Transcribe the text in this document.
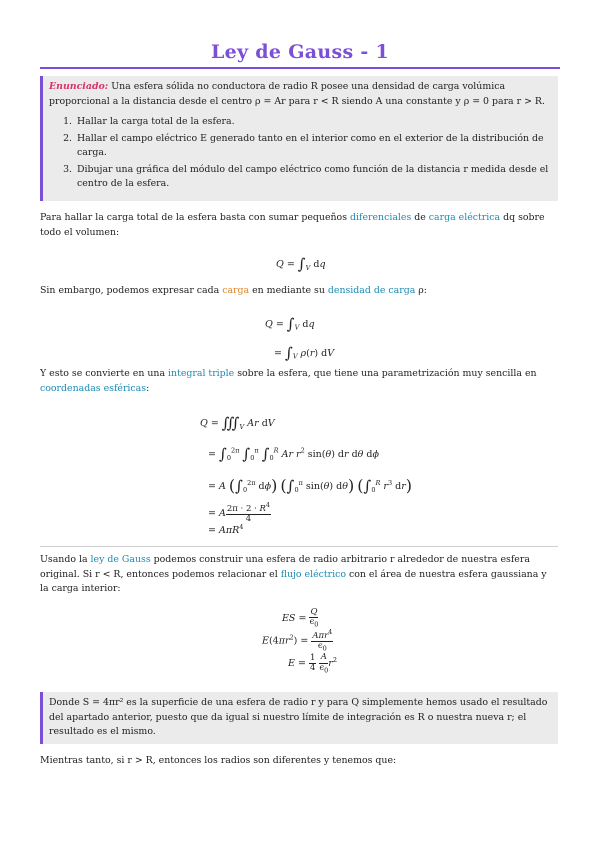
Ley de Gauss - 1
Enunciado: Una esfera sólida no conductora de radio R posee una densidad de carga volúmica proporcional a la distancia desde el centro ρ = Ar para r < R siendo A una constante y ρ = 0 para r > R.
1. Hallar la carga total de la esfera.
2. Hallar el campo eléctrico E generado tanto en el interior como en el exterior de la distribución de carga.
3. Dibujar una gráfica del módulo del campo eléctrico como función de la distancia r medida desde el centro de la esfera.
Para hallar la carga total de la esfera basta con sumar pequeños diferenciales de carga eléctrica dq sobre todo el volumen:
$Q = \int_V$ dq
Sin embargo, podemos expresar cada carga en mediante su densidad de carga ρ:
$Q = \int_V$ dq
= $\int_V$ ρ(r) dV
Y esto se convierte en una integral triple sobre la esfera, que tiene una parametrización muy sencilla en coordenadas esféricas:
$Q = ∭_V$ Ar dV
= $\int_0^{2\pi}$ $\int_0^\pi$ $\int_0^R$ Ar $r^2$ sin(θ) dr dθ dϕ
= A ($\int_0^{2\pi}$ dϕ) ($\int_0^\pi$ sin(θ) dθ) ($\int_0^R$ $r^3$ dr)
= A $\frac{2\pi \cdot 2 \cdot R^4}{4}$
= AπR$^4$
Usando la ley de Gauss podemos construir una esfera de radio arbitrario r alrededor de nuestra esfera original. Si r < R, entonces podemos relacionar el flujo eléctrico con el área de nuestra esfera gaussiana y la carga interior:
ES = $\frac{Q}{\epsilon_0}$
$E(4\pi r^2) = \frac{A\pi r^4}{\epsilon_0}$
$E = \frac{1}{4}$
$\frac{A}{\epsilon_0} r^2$
Donde S = 4πr² es la superficie de una esfera de radio r y para Q simplemente hemos usado el resultado del apartado anterior, puesto que da igual si nuestro límite de integración es R o nuestra nueva r; el resultado es el mismo.
Mientras tanto, si r > R, entonces los radios son diferentes y tenemos que:
